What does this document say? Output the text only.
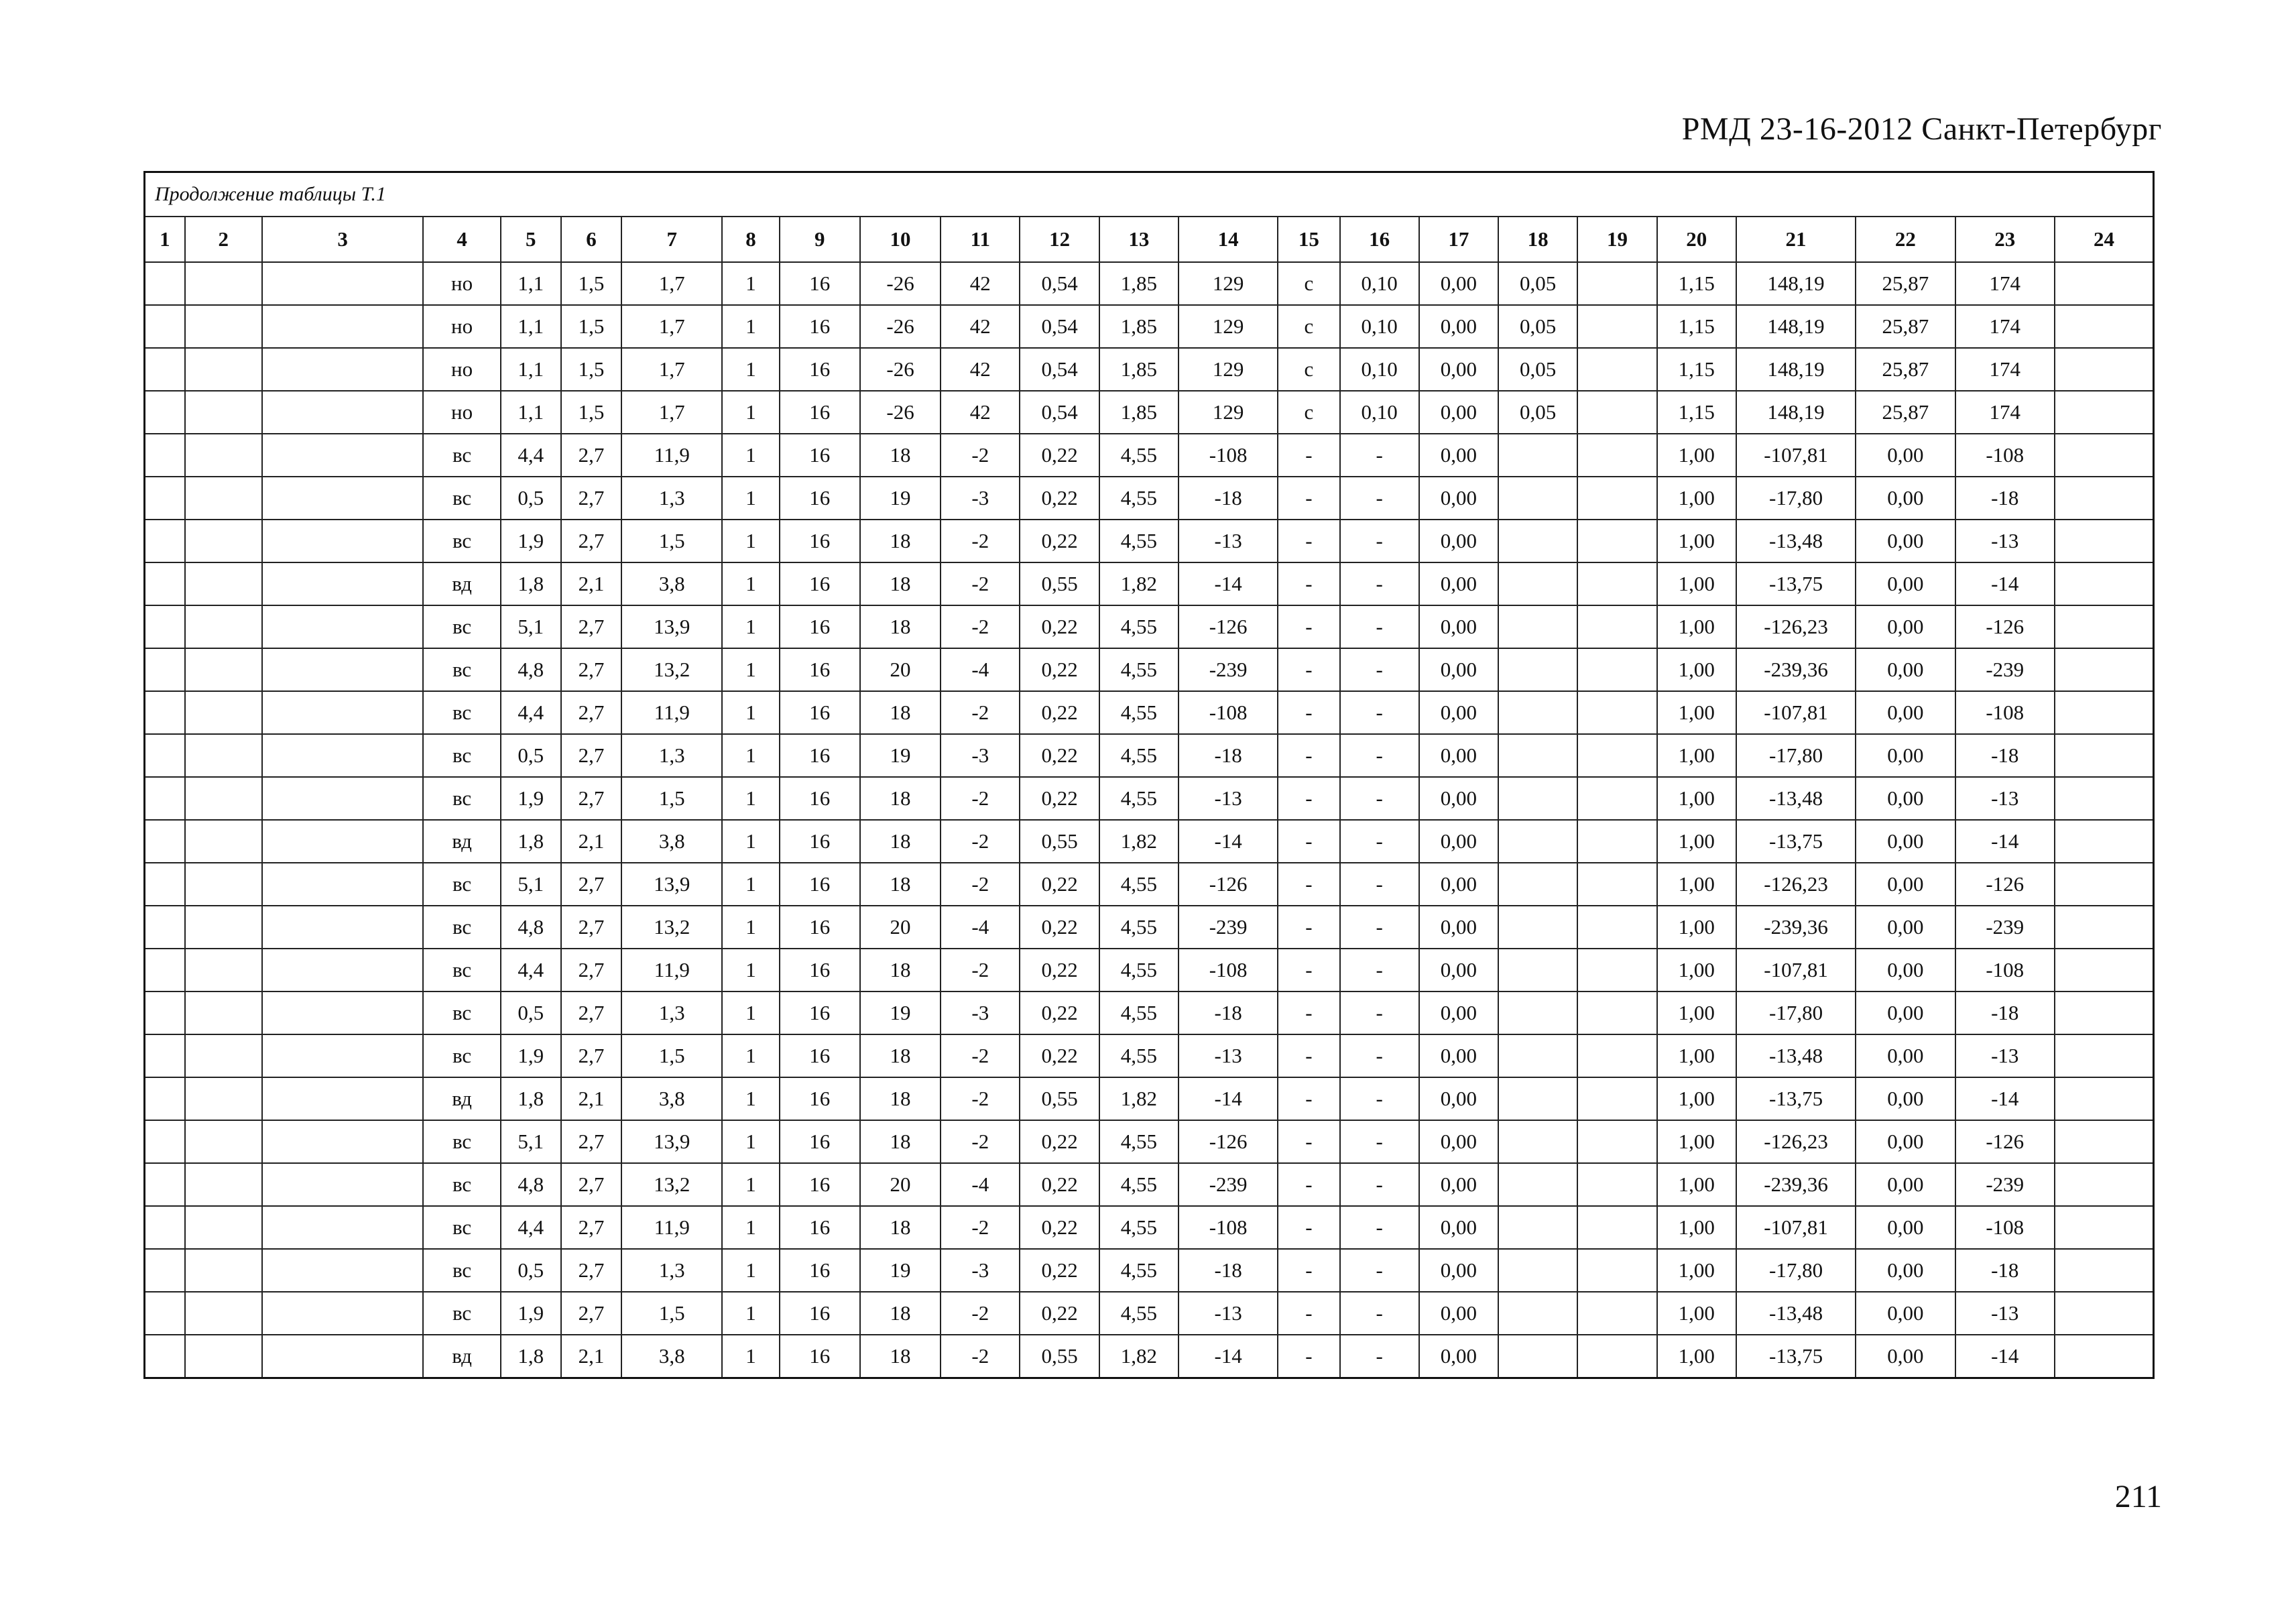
РМД 23-16-2012 Санкт-Петербург
Продолжение таблицы Т.1																							
1	2	3	4	5	6	7	8	9	10	11	12	13	14	15	16	17	18	19	20	21	22	23	24
			но	1,1	1,5	1,7	1	16	-26	42	0,54	1,85	129	с	0,10	0,00	0,05		1,15	148,19	25,87	174	
			но	1,1	1,5	1,7	1	16	-26	42	0,54	1,85	129	с	0,10	0,00	0,05		1,15	148,19	25,87	174	
			но	1,1	1,5	1,7	1	16	-26	42	0,54	1,85	129	с	0,10	0,00	0,05		1,15	148,19	25,87	174	
			но	1,1	1,5	1,7	1	16	-26	42	0,54	1,85	129	с	0,10	0,00	0,05		1,15	148,19	25,87	174	
			вс	4,4	2,7	11,9	1	16	18	-2	0,22	4,55	-108	-	-	0,00			1,00	-107,81	0,00	-108	
			вс	0,5	2,7	1,3	1	16	19	-3	0,22	4,55	-18	-	-	0,00			1,00	-17,80	0,00	-18	
			вс	1,9	2,7	1,5	1	16	18	-2	0,22	4,55	-13	-	-	0,00			1,00	-13,48	0,00	-13	
			вд	1,8	2,1	3,8	1	16	18	-2	0,55	1,82	-14	-	-	0,00			1,00	-13,75	0,00	-14	
			вс	5,1	2,7	13,9	1	16	18	-2	0,22	4,55	-126	-	-	0,00			1,00	-126,23	0,00	-126	
			вс	4,8	2,7	13,2	1	16	20	-4	0,22	4,55	-239	-	-	0,00			1,00	-239,36	0,00	-239	
			вс	4,4	2,7	11,9	1	16	18	-2	0,22	4,55	-108	-	-	0,00			1,00	-107,81	0,00	-108	
			вс	0,5	2,7	1,3	1	16	19	-3	0,22	4,55	-18	-	-	0,00			1,00	-17,80	0,00	-18	
			вс	1,9	2,7	1,5	1	16	18	-2	0,22	4,55	-13	-	-	0,00			1,00	-13,48	0,00	-13	
			вд	1,8	2,1	3,8	1	16	18	-2	0,55	1,82	-14	-	-	0,00			1,00	-13,75	0,00	-14	
			вс	5,1	2,7	13,9	1	16	18	-2	0,22	4,55	-126	-	-	0,00			1,00	-126,23	0,00	-126	
			вс	4,8	2,7	13,2	1	16	20	-4	0,22	4,55	-239	-	-	0,00			1,00	-239,36	0,00	-239	
			вс	4,4	2,7	11,9	1	16	18	-2	0,22	4,55	-108	-	-	0,00			1,00	-107,81	0,00	-108	
			вс	0,5	2,7	1,3	1	16	19	-3	0,22	4,55	-18	-	-	0,00			1,00	-17,80	0,00	-18	
			вс	1,9	2,7	1,5	1	16	18	-2	0,22	4,55	-13	-	-	0,00			1,00	-13,48	0,00	-13	
			вд	1,8	2,1	3,8	1	16	18	-2	0,55	1,82	-14	-	-	0,00			1,00	-13,75	0,00	-14	
			вс	5,1	2,7	13,9	1	16	18	-2	0,22	4,55	-126	-	-	0,00			1,00	-126,23	0,00	-126	
			вс	4,8	2,7	13,2	1	16	20	-4	0,22	4,55	-239	-	-	0,00			1,00	-239,36	0,00	-239	
			вс	4,4	2,7	11,9	1	16	18	-2	0,22	4,55	-108	-	-	0,00			1,00	-107,81	0,00	-108	
			вс	0,5	2,7	1,3	1	16	19	-3	0,22	4,55	-18	-	-	0,00			1,00	-17,80	0,00	-18	
			вс	1,9	2,7	1,5	1	16	18	-2	0,22	4,55	-13	-	-	0,00			1,00	-13,48	0,00	-13	
			вд	1,8	2,1	3,8	1	16	18	-2	0,55	1,82	-14	-	-	0,00			1,00	-13,75	0,00	-14	
211
